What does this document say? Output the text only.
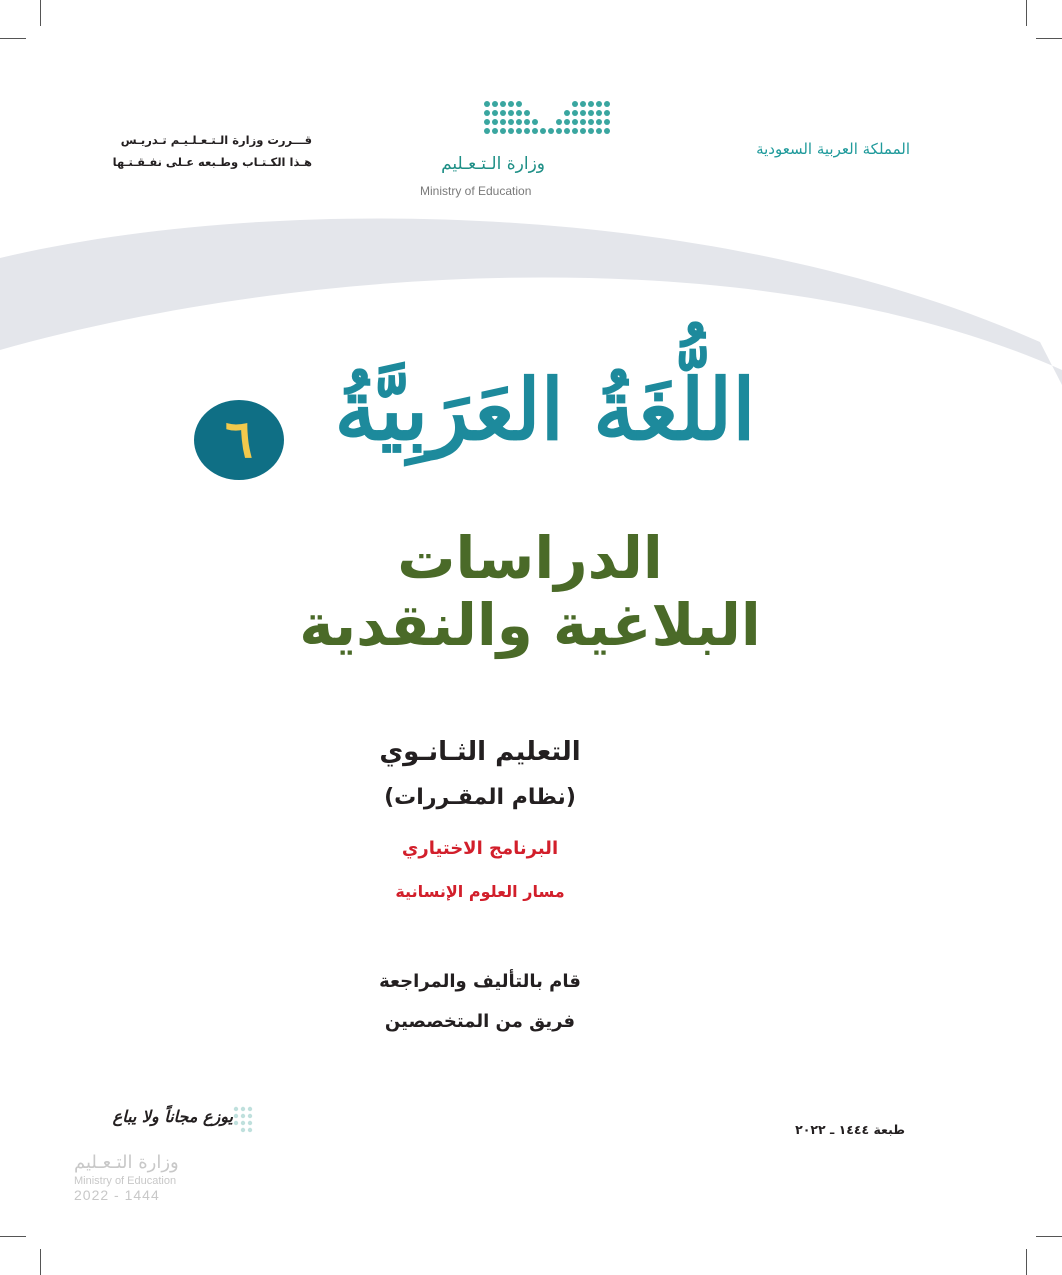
المملكة العربية السعودية
قـــررت وزارة الـتـعـلـيـم تـدريـس
هـذا الكـتـاب وطـبعه عـلى نفـقـتـها	وزارة الـتـعـليم
Ministry of Education
اللُّغَةُ العَرَبِيَّةُ
٦
الدراسات
البلاغية والنقدية
التعليم الثـانـوي
(نظام المقـررات)
البرنامج الاختياري
مسار العلوم الإنسانية
قام بالتأليف والمراجعة
فريق من المتخصصين
طبعة ١٤٤٤ ـ ٢٠٢٢
يوزع مجاناً ولا يباع
وزارة التـعـليم
Ministry of Education
2022 - 1444
